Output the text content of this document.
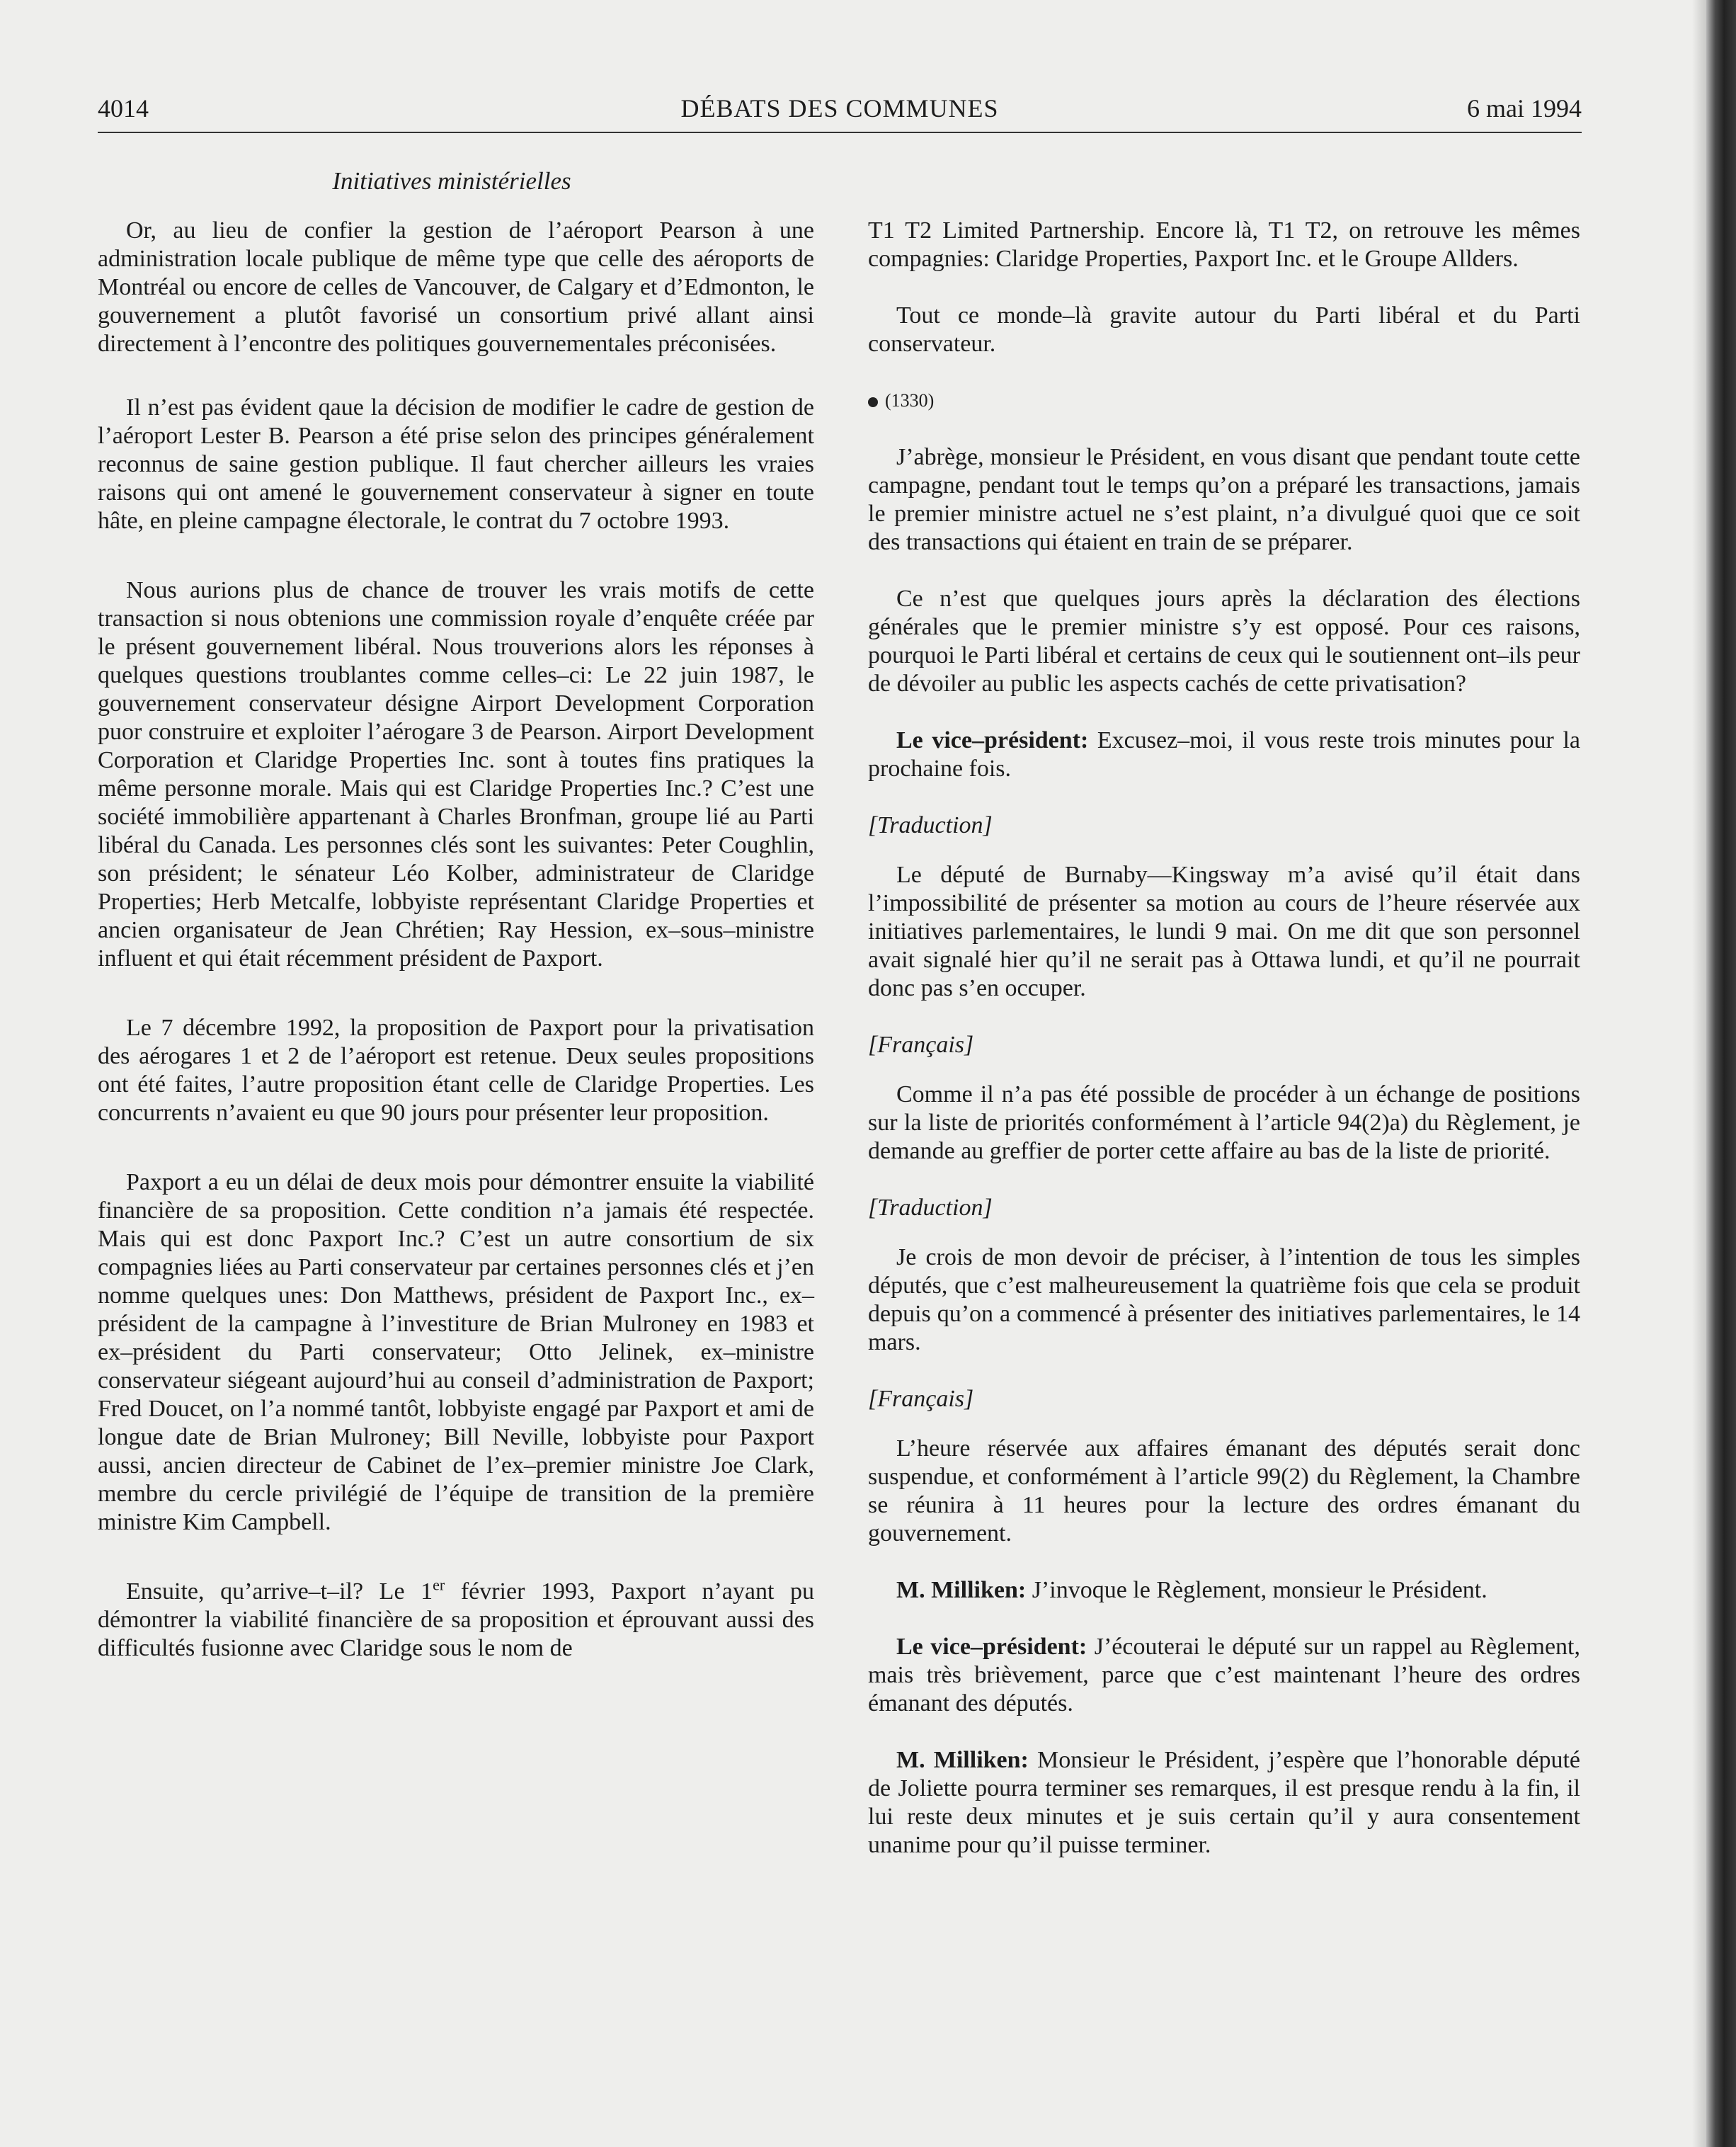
4014	DÉBATS DES COMMUNES	6 mai 1994
Initiatives ministérielles

Or, au lieu de confier la gestion de l’aéroport Pearson à une administration locale publique de même type que celle des aéroports de Montréal ou encore de celles de Vancouver, de Calgary et d’Edmonton, le gouvernement a plutôt favorisé un consortium privé allant ainsi directement à l’encontre des politiques gouvernementales préconisées.

Il n’est pas évident qaue la décision de modifier le cadre de gestion de l’aéroport Lester B. Pearson a été prise selon des principes généralement reconnus de saine gestion publique. Il faut chercher ailleurs les vraies raisons qui ont amené le gouvernement conservateur à signer en toute hâte, en pleine campagne électorale, le contrat du 7 octobre 1993.

Nous aurions plus de chance de trouver les vrais motifs de cette transaction si nous obtenions une commission royale d’enquête créée par le présent gouvernement libéral. Nous trouverions alors les réponses à quelques questions troublantes comme celles–ci: Le 22 juin 1987, le gouvernement conservateur désigne Airport Development Corporation puor construire et exploiter l’aérogare 3 de Pearson. Airport Development Corporation et Claridge Properties Inc. sont à toutes fins pratiques la même personne morale. Mais qui est Claridge Properties Inc.? C’est une société immobilière appartenant à Charles Bronfman, groupe lié au Parti libéral du Canada. Les personnes clés sont les suivantes: Peter Coughlin, son président; le sénateur Léo Kolber, administrateur de Claridge Properties; Herb Metcalfe, lobbyiste représentant Claridge Properties et ancien organisateur de Jean Chrétien; Ray Hession, ex–sous–ministre influent et qui était récemment président de Paxport.

Le 7 décembre 1992, la proposition de Paxport pour la privatisation des aérogares 1 et 2 de l’aéroport est retenue. Deux seules propositions ont été faites, l’autre proposition étant celle de Claridge Properties. Les concurrents n’avaient eu que 90 jours pour présenter leur proposition.

Paxport a eu un délai de deux mois pour démontrer ensuite la viabilité financière de sa proposition. Cette condition n’a jamais été respectée. Mais qui est donc Paxport Inc.? C’est un autre consortium de six compagnies liées au Parti conservateur par certaines personnes clés et j’en nomme quelques unes: Don Matthews, président de Paxport Inc., ex–président de la campagne à l’investiture de Brian Mulroney en 1983 et ex–président du Parti conservateur; Otto Jelinek, ex–ministre conservateur siégeant aujourd’hui au conseil d’administration de Paxport; Fred Doucet, on l’a nommé tantôt, lobbyiste engagé par Paxport et ami de longue date de Brian Mulroney; Bill Neville, lobbyiste pour Paxport aussi, ancien directeur de Cabinet de l’ex–premier ministre Joe Clark, membre du cercle privilégié de l’équipe de transition de la première ministre Kim Campbell.

Ensuite, qu’arrive–t–il? Le 1er février 1993, Paxport n’ayant pu démontrer la viabilité financière de sa proposition et éprouvant aussi des difficultés fusionne avec Claridge sous le nom de

T1 T2 Limited Partnership. Encore là, T1 T2, on retrouve les mêmes compagnies: Claridge Properties, Paxport Inc. et le Groupe Allders.

Tout ce monde–là gravite autour du Parti libéral et du Parti conservateur.

(1330)

J’abrège, monsieur le Président, en vous disant que pendant toute cette campagne, pendant tout le temps qu’on a préparé les transactions, jamais le premier ministre actuel ne s’est plaint, n’a divulgué quoi que ce soit des transactions qui étaient en train de se préparer.

Ce n’est que quelques jours après la déclaration des élections générales que le premier ministre s’y est opposé. Pour ces raisons, pourquoi le Parti libéral et certains de ceux qui le soutiennent ont–ils peur de dévoiler au public les aspects cachés de cette privatisation?

Le vice–président: Excusez–moi, il vous reste trois minutes pour la prochaine fois.

[Traduction]

Le député de Burnaby—Kingsway m’a avisé qu’il était dans l’impossibilité de présenter sa motion au cours de l’heure réservée aux initiatives parlementaires, le lundi 9 mai. On me dit que son personnel avait signalé hier qu’il ne serait pas à Ottawa lundi, et qu’il ne pourrait donc pas s’en occuper.

[Français]

Comme il n’a pas été possible de procéder à un échange de positions sur la liste de priorités conformément à l’article 94(2)a) du Règlement, je demande au greffier de porter cette affaire au bas de la liste de priorité.

[Traduction]

Je crois de mon devoir de préciser, à l’intention de tous les simples députés, que c’est malheureusement la quatrième fois que cela se produit depuis qu’on a commencé à présenter des initiatives parlementaires, le 14 mars.

[Français]

L’heure réservée aux affaires émanant des députés serait donc suspendue, et conformément à l’article 99(2) du Règlement, la Chambre se réunira à 11 heures pour la lecture des ordres émanant du gouvernement.

M. Milliken: J’invoque le Règlement, monsieur le Président.

Le vice–président: J’écouterai le député sur un rappel au Règlement, mais très brièvement, parce que c’est maintenant l’heure des ordres émanant des députés.

M. Milliken: Monsieur le Président, j’espère que l’honorable député de Joliette pourra terminer ses remarques, il est presque rendu à la fin, il lui reste deux minutes et je suis certain qu’il y aura consentement unanime pour qu’il puisse terminer.
